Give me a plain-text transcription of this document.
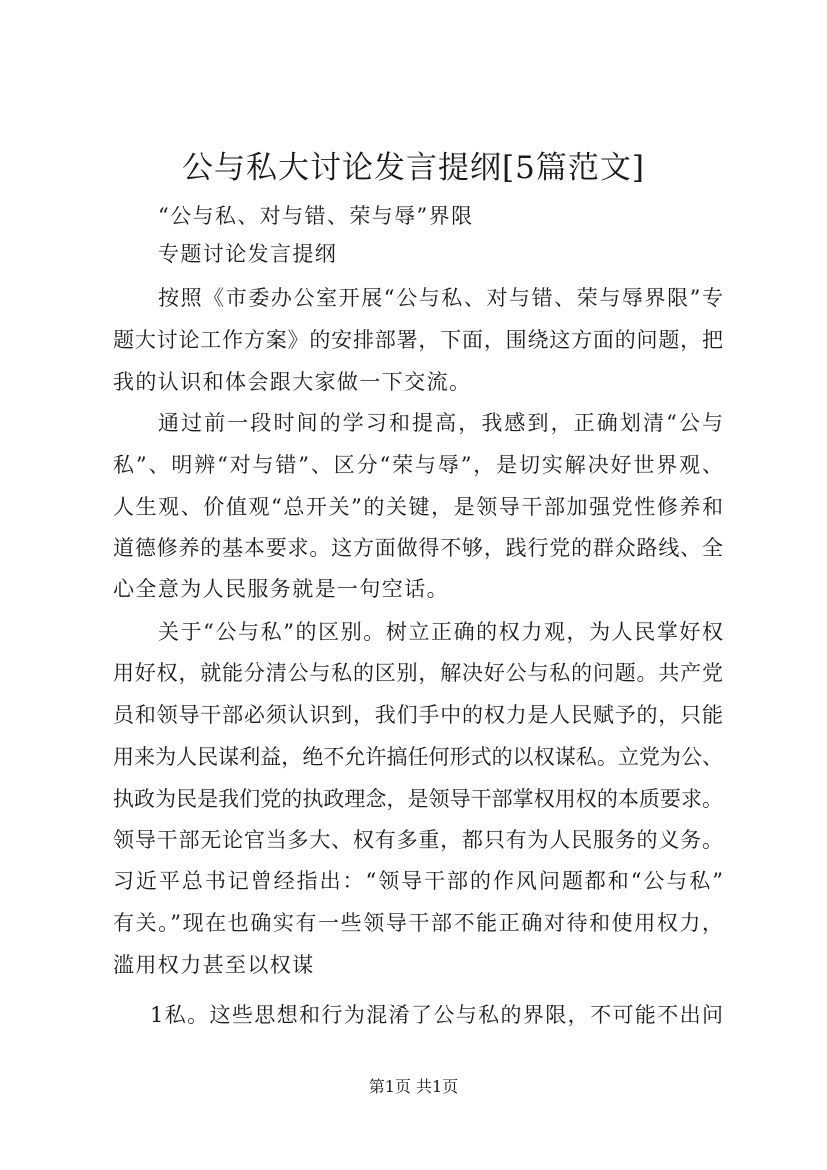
公与私大讨论发言提纲[5篇范文]
“公与私、对与错、荣与辱”界限
专题讨论发言提纲
按照《市委办公室开展“公与私、对与错、荣与辱界限”专
题大讨论工作方案》的安排部署，下面，围绕这方面的问题，把
我的认识和体会跟大家做一下交流。
通过前一段时间的学习和提高，我感到，正确划清“公与
私”、明辨“对与错”、区分“荣与辱”，是切实解决好世界观、
人生观、价值观“总开关”的关键，是领导干部加强党性修养和
道德修养的基本要求。这方面做得不够，践行党的群众路线、全
心全意为人民服务就是一句空话。
关于“公与私”的区别。树立正确的权力观，为人民掌好权
用好权，就能分清公与私的区别，解决好公与私的问题。共产党
员和领导干部必须认识到，我们手中的权力是人民赋予的，只能
用来为人民谋利益，绝不允许搞任何形式的以权谋私。立党为公、
执政为民是我们党的执政理念，是领导干部掌权用权的本质要求。
领导干部无论官当多大、权有多重，都只有为人民服务的义务。
习近平总书记曾经指出：“领导干部的作风问题都和“公与私”
有关。”现在也确实有一些领导干部不能正确对待和使用权力，
滥用权力甚至以权谋
1私。这些思想和行为混淆了公与私的界限，不可能不出问
第1页 共1页
